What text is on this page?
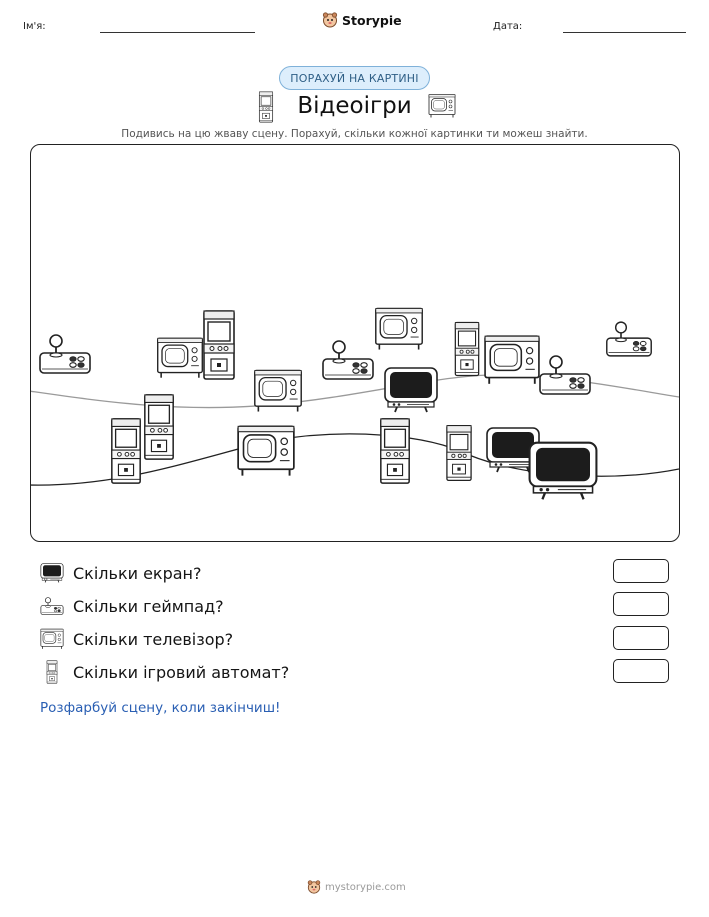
Ім'я:	Storypie	Дата:
ПОРАХУЙ НА КАРТИНІ
Відеоігри
Подивись на цю жваву сцену. Порахуй, скільки кожної картинки ти можеш знайти.
Скільки екран?
Скільки геймпад?
Скільки телевізор?
Скільки ігровий автомат?
Розфарбуй сцену, коли закінчиш!
mystorypie.com
